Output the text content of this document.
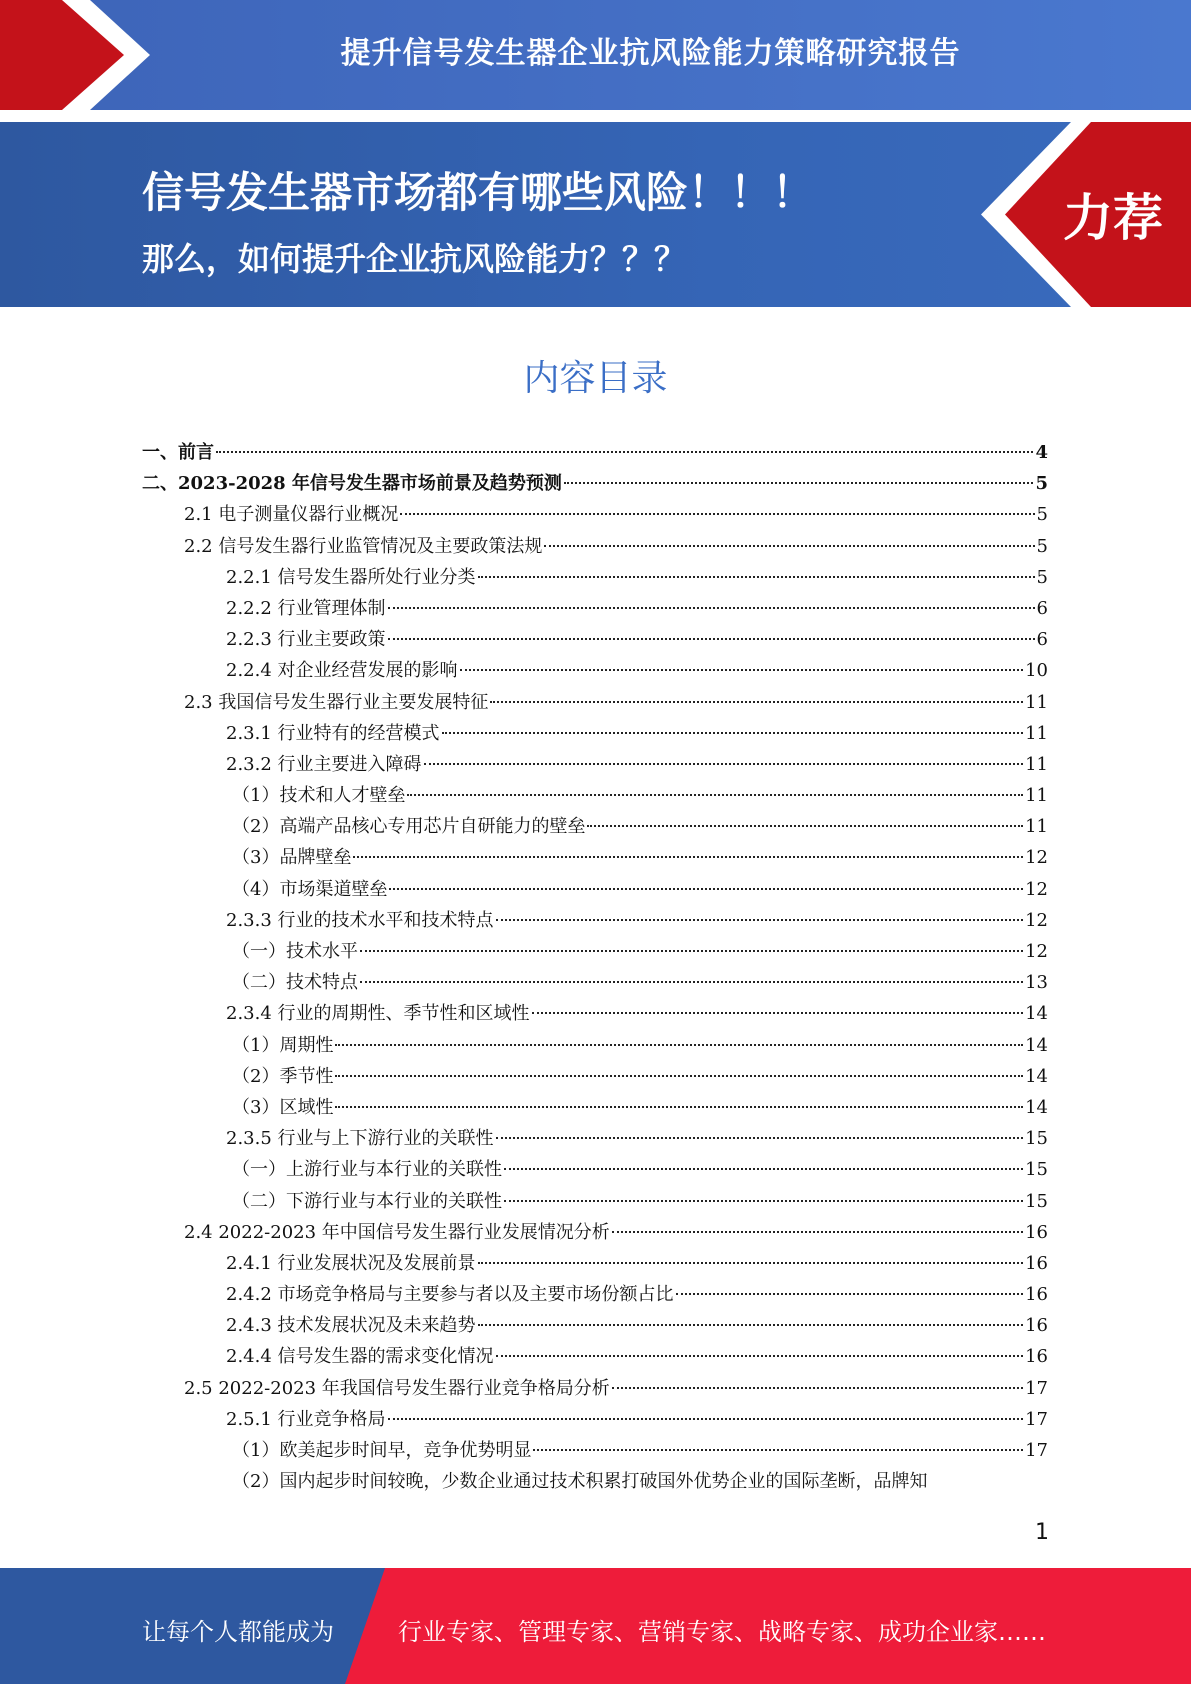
提升信号发生器企业抗风险能力策略研究报告
信号发生器市场都有哪些风险！！！
那么，如何提升企业抗风险能力？？？
力荐
内容目录
一、前言	4
二、2023-2028 年信号发生器市场前景及趋势预测	5
2.1 电子测量仪器行业概况	5
2.2 信号发生器行业监管情况及主要政策法规	5
2.2.1 信号发生器所处行业分类	5
2.2.2 行业管理体制	6
2.2.3 行业主要政策	6
2.2.4 对企业经营发展的影响	10
2.3 我国信号发生器行业主要发展特征	11
2.3.1 行业特有的经营模式	11
2.3.2 行业主要进入障碍	11
（1）技术和人才壁垒	11
（2）高端产品核心专用芯片自研能力的壁垒	11
（3）品牌壁垒	12
（4）市场渠道壁垒	12
2.3.3 行业的技术水平和技术特点	12
（一）技术水平	12
（二）技术特点	13
2.3.4 行业的周期性、季节性和区域性	14
（1）周期性	14
（2）季节性	14
（3）区域性	14
2.3.5 行业与上下游行业的关联性	15
（一）上游行业与本行业的关联性	15
（二）下游行业与本行业的关联性	15
2.4 2022-2023 年中国信号发生器行业发展情况分析	16
2.4.1 行业发展状况及发展前景	16
2.4.2 市场竞争格局与主要参与者以及主要市场份额占比	16
2.4.3 技术发展状况及未来趋势	16
2.4.4 信号发生器的需求变化情况	16
2.5 2022-2023 年我国信号发生器行业竞争格局分析	17
2.5.1 行业竞争格局	17
（1）欧美起步时间早，竞争优势明显	17
（2）国内起步时间较晚，少数企业通过技术积累打破国外优势企业的国际垄断，品牌知
1
让每个人都能成为	行业专家、管理专家、营销专家、战略专家、成功企业家……
